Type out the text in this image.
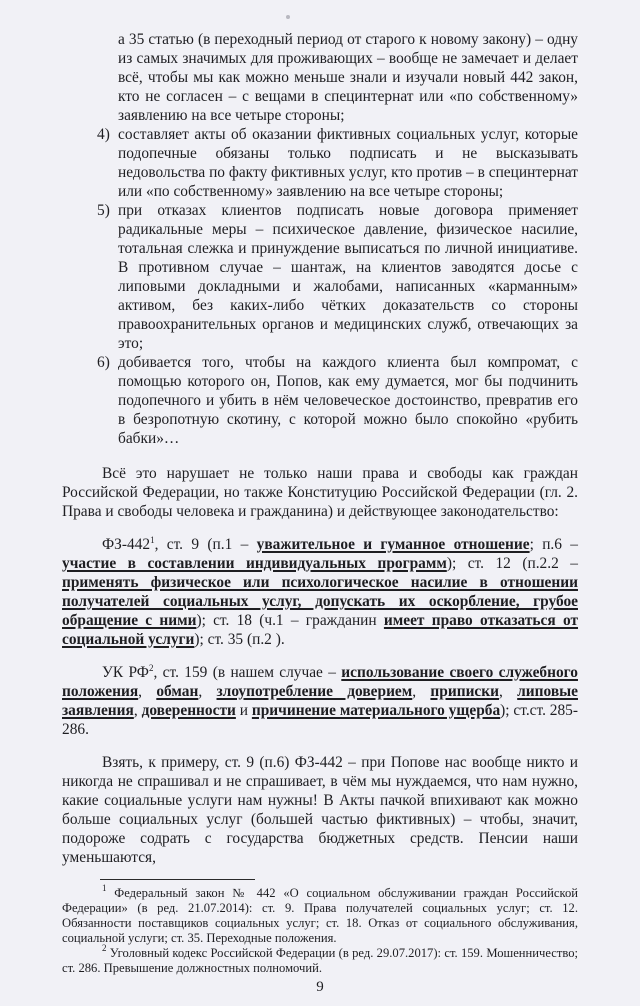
а 35 статью (в переходный период от старого к новому закону) – одну из самых значимых для проживающих – вообще не замечает и делает всё, чтобы мы как можно меньше знали и изучали новый 442 закон, кто не согласен – с вещами в специнтернат или «по собственному» заявлению на все четыре стороны;
4) составляет акты об оказании фиктивных социальных услуг, которые подопечные обязаны только подписать и не высказывать недовольства по факту фиктивных услуг, кто против – в специнтернат или «по собственному» заявлению на все четыре стороны;
5) при отказах клиентов подписать новые договора применяет радикальные меры – психическое давление, физическое насилие, тотальная слежка и принуждение выписаться по личной инициативе. В противном случае – шантаж, на клиентов заводятся досье с липовыми докладными и жалобами, написанных «карманным» активом, без каких-либо чётких доказательств со стороны правоохранительных органов и медицинских служб, отвечающих за это;
6) добивается того, чтобы на каждого клиента был компромат, с помощью которого он, Попов, как ему думается, мог бы подчинить подопечного и убить в нём человеческое достоинство, превратив его в безропотную скотину, с которой можно было спокойно «рубить бабки»…

Всё это нарушает не только наши права и свободы как граждан Российской Федерации, но также Конституцию Российской Федерации (гл. 2. Права и свободы человека и гражданина) и действующее законодательство:

$ФЗ-442^1$, ст. 9 (п.1 – уважительное и гуманное отношение; п.6 – участие в составлении индивидуальных программ); ст. 12 (п.2.2 – применять физическое или психологическое насилие в отношении получателей социальных услуг, допускать их оскорбление, грубое обращение с ними); ст. 18 (ч.1 – гражданин имеет право отказаться от социальной услуги); ст. 35 (п.2 ).

УК $РФ^2$, ст. 159 (в нашем случае – использование своего служебного положения, обман, злоупотребление доверием, приписки, липовые заявления, доверенности и причинение материального ущерба); ст.ст. 285-286.

Взять, к примеру, ст. 9 (п.6) ФЗ-442 – при Попове нас вообще никто и никогда не спрашивал и не спрашивает, в чём мы нуждаемся, что нам нужно, какие социальные услуги нам нужны! В Акты пачкой впихивают как можно больше социальных услуг (большей частью фиктивных) – чтобы, значит, подороже содрать с государства бюджетных средств. Пенсии наши уменьшаются,

$^1$ Федеральный закон № 442 «О социальном обслуживании граждан Российской Федерации» (в ред. 21.07.2014): ст. 9. Права получателей социальных услуг; ст. 12. Обязанности поставщиков социальных услуг; ст. 18. Отказ от социального обслуживания, социальной услуги; ст. 35. Переходные положения.

$^2$ Уголовный кодекс Российской Федерации (в ред. 29.07.2017): ст. 159. Мошенничество; ст. 286. Превышение должностных полномочий.

9
